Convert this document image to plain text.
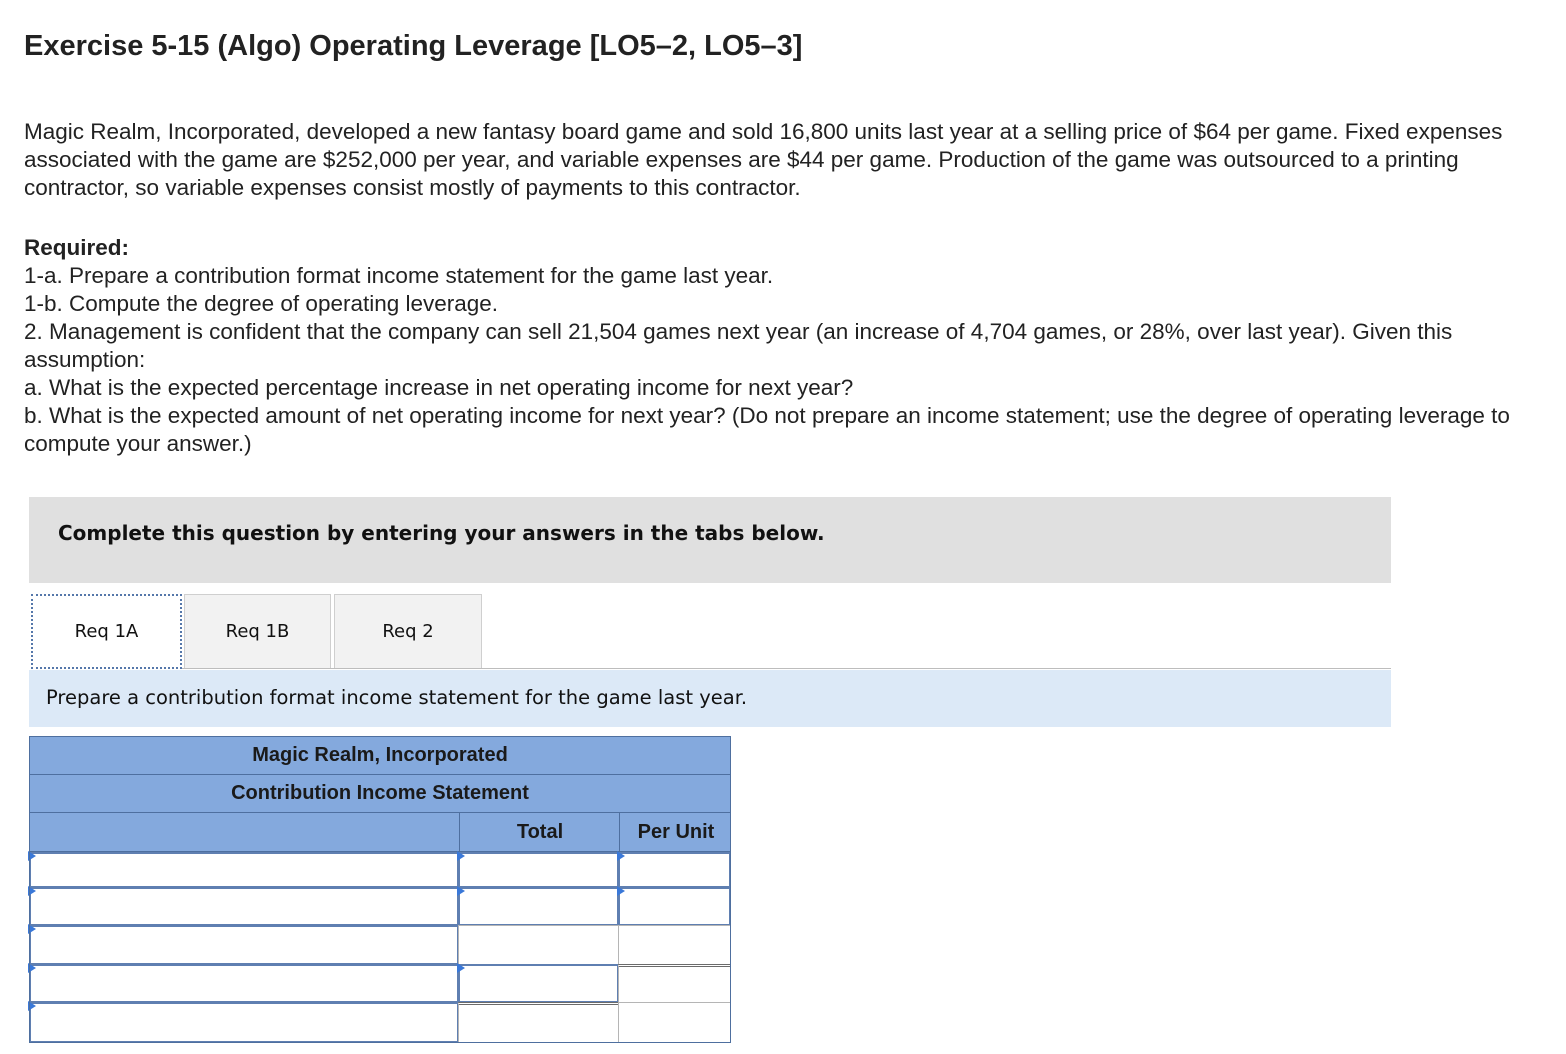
Exercise 5-15 (Algo) Operating Leverage [LO5–2, LO5–3]
Magic Realm, Incorporated, developed a new fantasy board game and sold 16,800 units last year at a selling price of $64 per game. Fixed expenses associated with the game are $252,000 per year, and variable expenses are $44 per game. Production of the game was outsourced to a printing contractor, so variable expenses consist mostly of payments to this contractor.
Required:
1-a. Prepare a contribution format income statement for the game last year.
1-b. Compute the degree of operating leverage.
2. Management is confident that the company can sell 21,504 games next year (an increase of 4,704 games, or 28%, over last year). Given this assumption:
a. What is the expected percentage increase in net operating income for next year?
b. What is the expected amount of net operating income for next year? (Do not prepare an income statement; use the degree of operating leverage to compute your answer.)
Complete this question by entering your answers in the tabs below.
Req 1A	Req 1B	Req 2
Prepare a contribution format income statement for the game last year.
Magic Realm, Incorporated
Contribution Income Statement
Total	Per Unit
